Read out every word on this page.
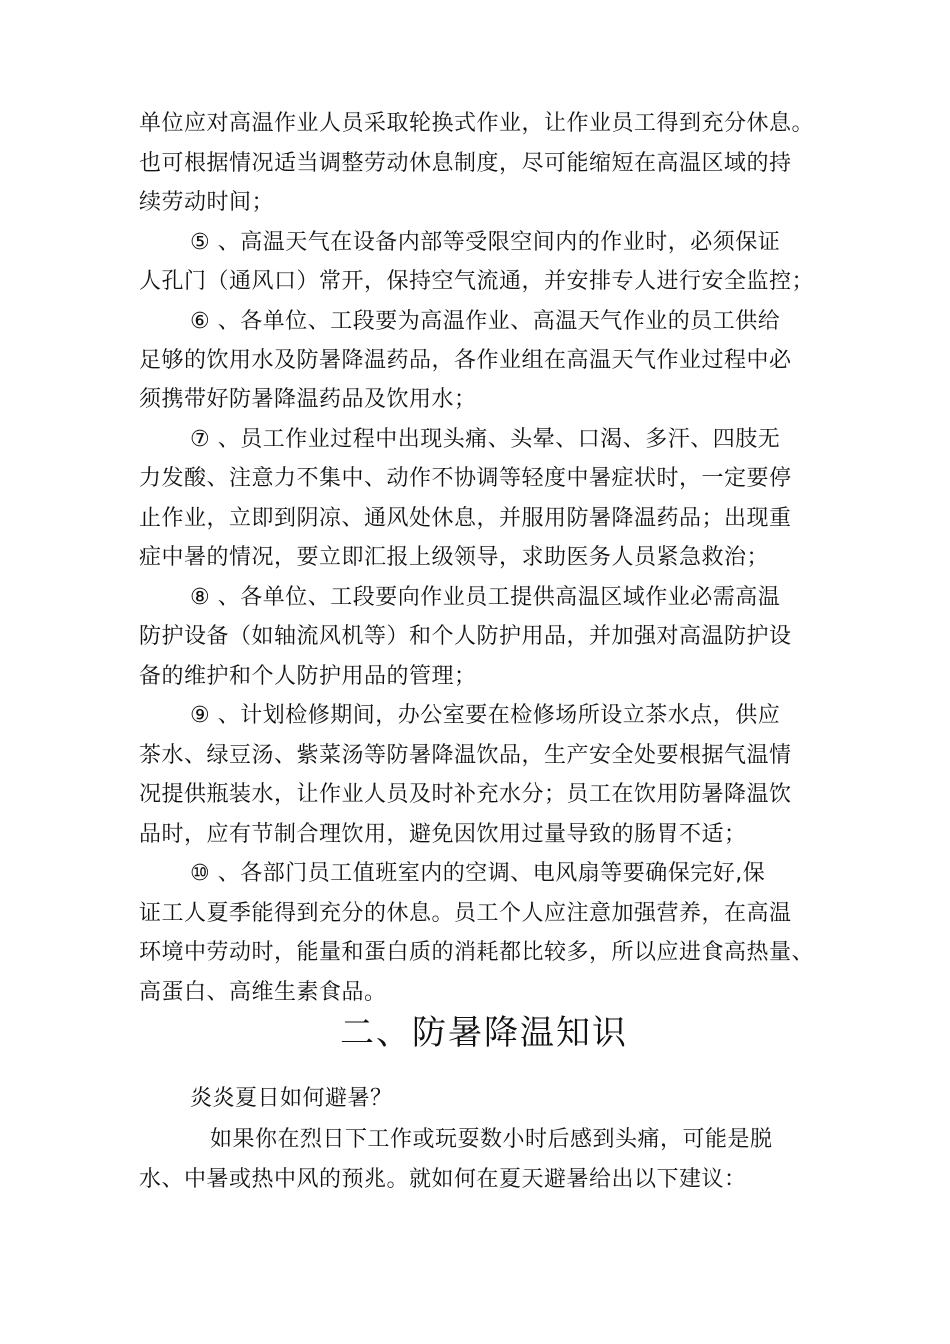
单位应对高温作业人员采取轮换式作业，让作业员工得到充分休息。
也可根据情况适当调整劳动休息制度，尽可能缩短在高温区域的持
续劳动时间；
⑤ 、高温天气在设备内部等受限空间内的作业时，必须保证
人孔门（通风口）常开，保持空气流通，并安排专人进行安全监控；
⑥ 、各单位、工段要为高温作业、高温天气作业的员工供给
足够的饮用水及防暑降温药品，各作业组在高温天气作业过程中必
须携带好防暑降温药品及饮用水；
⑦ 、员工作业过程中出现头痛、头晕、口渴、多汗、四肢无
力发酸、注意力不集中、动作不协调等轻度中暑症状时，一定要停
止作业，立即到阴凉、通风处休息，并服用防暑降温药品；出现重
症中暑的情况，要立即汇报上级领导，求助医务人员紧急救治；
⑧ 、各单位、工段要向作业员工提供高温区域作业必需高温
防护设备（如轴流风机等）和个人防护用品，并加强对高温防护设
备的维护和个人防护用品的管理；
⑨ 、计划检修期间，办公室要在检修场所设立茶水点，供应
茶水、绿豆汤、紫菜汤等防暑降温饮品，生产安全处要根据气温情
况提供瓶装水，让作业人员及时补充水分；员工在饮用防暑降温饮
品时，应有节制合理饮用，避免因饮用过量导致的肠胃不适；
⑩ 、各部门员工值班室内的空调、电风扇等要确保完好,保
证工人夏季能得到充分的休息。员工个人应注意加强营养，在高温
环境中劳动时，能量和蛋白质的消耗都比较多，所以应进食高热量、
高蛋白、高维生素食品。
二、防暑降温知识
炎炎夏日如何避暑？
如果你在烈日下工作或玩耍数小时后感到头痛，可能是脱
水、中暑或热中风的预兆。就如何在夏天避暑给出以下建议：
